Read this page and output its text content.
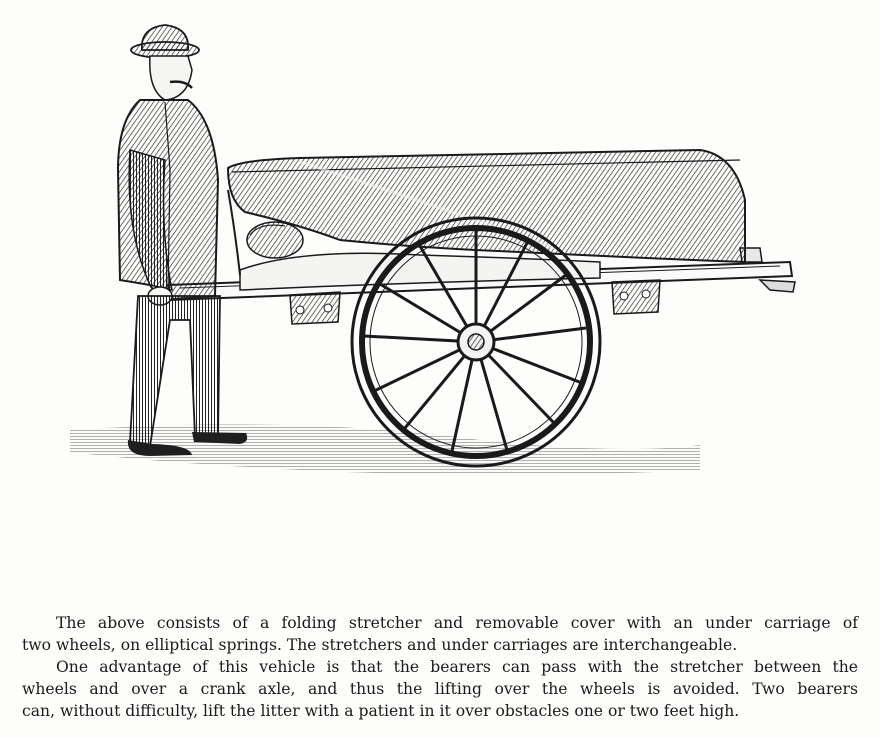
The above consists of a folding stretcher and removable cover with an under carriage of

two wheels, on elliptical springs. The stretchers and under carriages are interchangeable.

One advantage of this vehicle is that the bearers can pass with the stretcher between the

wheels and over a crank axle, and thus the lifting over the wheels is avoided. Two bearers

can, without difficulty, lift the litter with a patient in it over obstacles one or two feet high.
